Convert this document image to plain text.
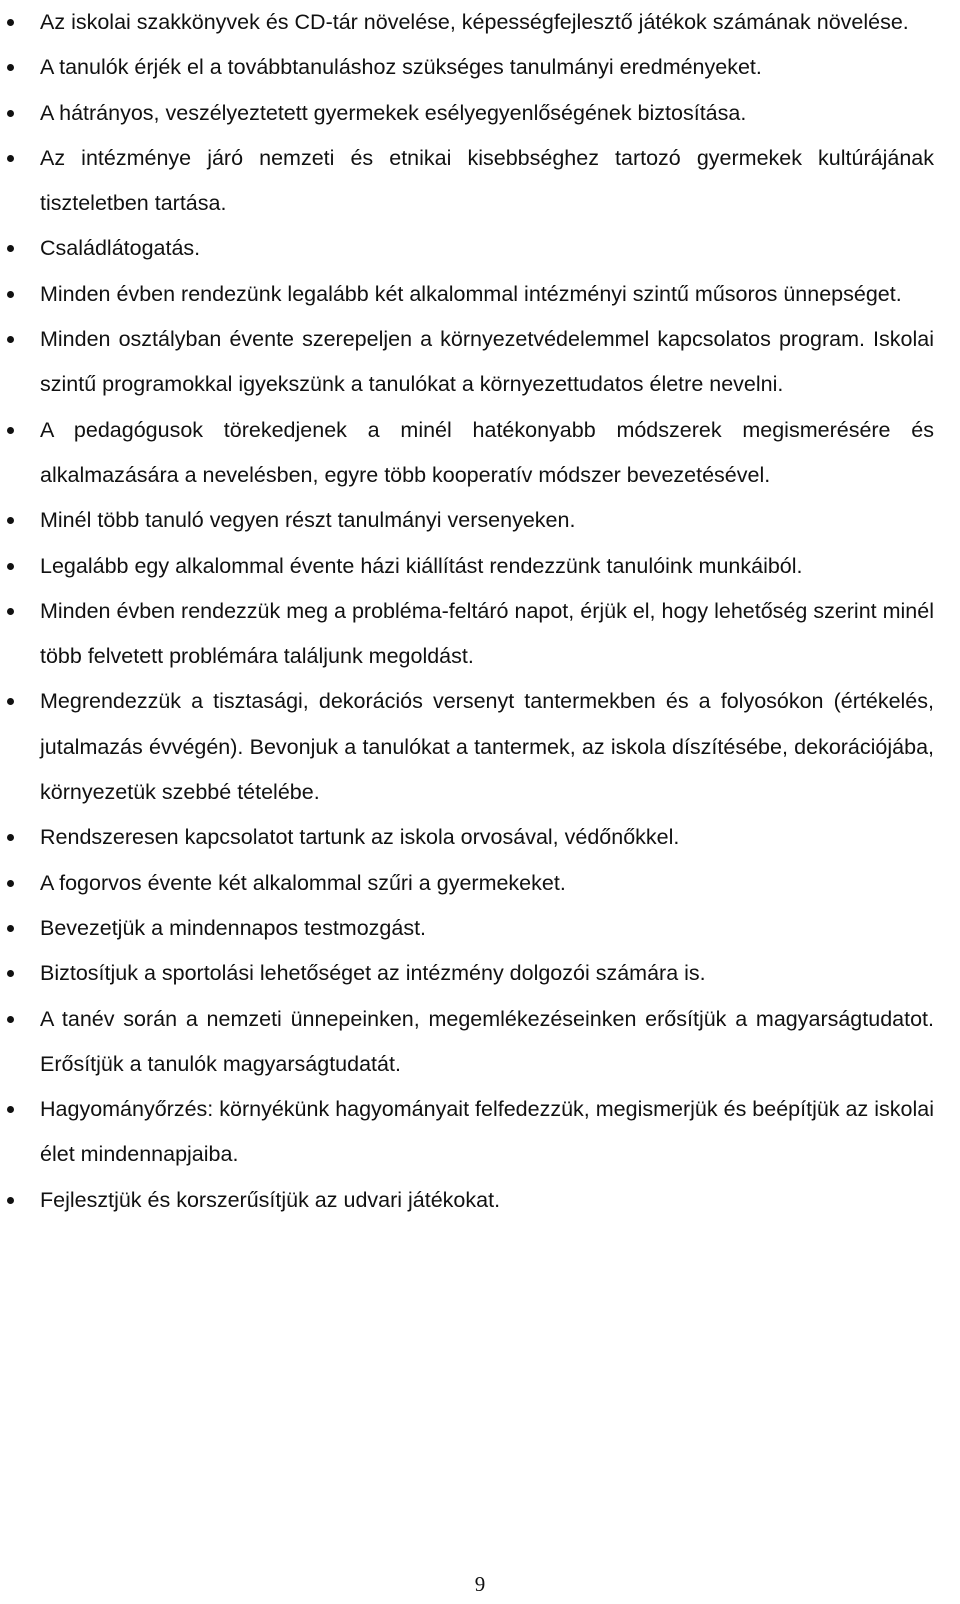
Az iskolai szakkönyvek és CD-tár növelése, képességfejlesztő játékok számának növelése.
A tanulók érjék el a továbbtanuláshoz szükséges tanulmányi eredményeket.
A hátrányos, veszélyeztetett gyermekek esélyegyenlőségének biztosítása.
Az intézménye járó nemzeti és etnikai kisebbséghez tartozó gyermekek kultúrájának tiszteletben tartása.
Családlátogatás.
Minden évben rendezünk legalább két alkalommal intézményi szintű műsoros ünnepséget.
Minden osztályban évente szerepeljen a környezetvédelemmel kapcsolatos program. Iskolai szintű programokkal igyekszünk a tanulókat a környezettudatos életre nevelni.
A pedagógusok törekedjenek a minél hatékonyabb módszerek megismerésére és alkalmazására a nevelésben, egyre több kooperatív módszer bevezetésével.
Minél több tanuló vegyen részt tanulmányi versenyeken.
Legalább egy alkalommal évente házi kiállítást rendezzünk tanulóink munkáiból.
Minden évben rendezzük meg a probléma-feltáró napot, érjük el, hogy lehetőség szerint minél több felvetett problémára találjunk megoldást.
Megrendezzük a tisztasági, dekorációs versenyt tantermekben és a folyosókon (értékelés, jutalmazás évvégén). Bevonjuk a tanulókat a tantermek, az iskola díszítésébe, dekorációjába, környezetük szebbé tételébe.
Rendszeresen kapcsolatot tartunk az iskola orvosával, védőnőkkel.
A fogorvos évente két alkalommal szűri a gyermekeket.
Bevezetjük a mindennapos testmozgást.
Biztosítjuk a sportolási lehetőséget az intézmény dolgozói számára is.
A tanév során a nemzeti ünnepeinken, megemlékezéseinken erősítjük a magyarságtudatot. Erősítjük a tanulók magyarságtudatát.
Hagyományőrzés: környékünk hagyományait felfedezzük, megismerjük és beépítjük az iskolai élet mindennapjaiba.
Fejlesztjük és korszerűsítjük az udvari játékokat.
9
